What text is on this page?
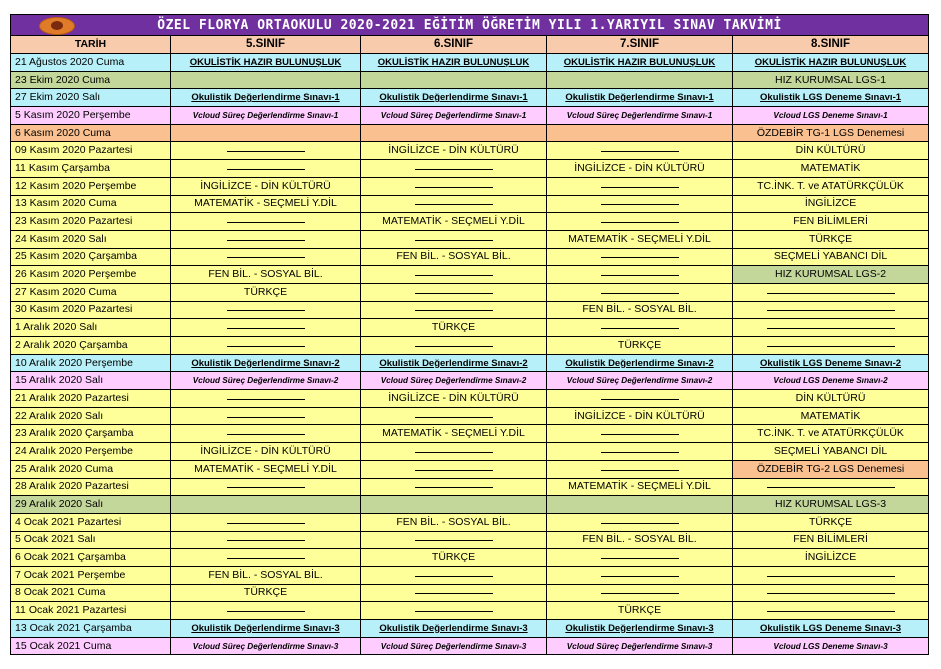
ÖZEL FLORYA ORTAOKULU 2020-2021 EĞİTİM ÖĞRETİM YILI 1.YARIYIL SINAV TAKVİMİ				
TARİH	5.SINIF	6.SINIF	7.SINIF	8.SINIF
21 Ağustos 2020 Cuma	OKULİSTİK HAZIR BULUNUŞLUK	OKULİSTİK HAZIR BULUNUŞLUK	OKULİSTİK HAZIR BULUNUŞLUK	OKULİSTİK HAZIR BULUNUŞLUK
23 Ekim 2020 Cuma				HIZ KURUMSAL LGS-1
27 Ekim 2020 Salı	Okulistik Değerlendirme Sınavı-1	Okulistik Değerlendirme Sınavı-1	Okulistik Değerlendirme Sınavı-1	Okulistik LGS Deneme Sınavı-1
5 Kasım 2020 Perşembe	Vcloud Süreç Değerlendirme Sınavı-1	Vcloud Süreç Değerlendirme Sınavı-1	Vcloud Süreç Değerlendirme Sınavı-1	Vcloud LGS Deneme Sınavı-1
6 Kasım 2020 Cuma				ÖZDEBİR TG-1 LGS Denemesi
09 Kasım 2020 Pazartesi		İNGİLİZCE - DİN KÜLTÜRÜ		DİN KÜLTÜRÜ
11 Kasım Çarşamba			İNGİLİZCE - DİN KÜLTÜRÜ	MATEMATİK
12 Kasım 2020 Perşembe	İNGİLİZCE - DİN KÜLTÜRÜ			TC.İNK. T. ve ATATÜRKÇÜLÜK
13 Kasım 2020 Cuma	MATEMATİK - SEÇMELİ Y.DİL			İNGİLİZCE
23 Kasım 2020 Pazartesi		MATEMATİK - SEÇMELİ Y.DİL		FEN BİLİMLERİ
24 Kasım 2020 Salı			MATEMATİK - SEÇMELİ Y.DİL	TÜRKÇE
25 Kasım 2020 Çarşamba		FEN BİL. - SOSYAL BİL.		SEÇMELİ YABANCI DİL
26 Kasım 2020 Perşembe	FEN BİL. - SOSYAL BİL.			HIZ KURUMSAL LGS-2
27 Kasım 2020 Cuma	TÜRKÇE			
30 Kasım 2020 Pazartesi			FEN BİL. - SOSYAL BİL.	
1 Aralık 2020 Salı		TÜRKÇE		
2 Aralık 2020 Çarşamba			TÜRKÇE	
10 Aralık 2020 Perşembe	Okulistik Değerlendirme Sınavı-2	Okulistik Değerlendirme Sınavı-2	Okulistik Değerlendirme Sınavı-2	Okulistik LGS Deneme Sınavı-2
15 Aralık 2020 Salı	Vcloud Süreç Değerlendirme Sınavı-2	Vcloud Süreç Değerlendirme Sınavı-2	Vcloud Süreç Değerlendirme Sınavı-2	Vcloud LGS Deneme Sınavı-2
21 Aralık 2020 Pazartesi		İNGİLİZCE - DİN KÜLTÜRÜ		DİN KÜLTÜRÜ
22 Aralık 2020 Salı			İNGİLİZCE - DİN KÜLTÜRÜ	MATEMATİK
23 Aralık 2020 Çarşamba		MATEMATİK - SEÇMELİ Y.DİL		TC.İNK. T. ve ATATÜRKÇÜLÜK
24 Aralık 2020 Perşembe	İNGİLİZCE - DİN KÜLTÜRÜ			SEÇMELİ YABANCI DİL
25 Aralık 2020 Cuma	MATEMATİK - SEÇMELİ Y.DİL			ÖZDEBİR TG-2 LGS Denemesi
28 Aralık 2020 Pazartesi			MATEMATİK - SEÇMELİ Y.DİL	
29 Aralık 2020 Salı				HIZ KURUMSAL LGS-3
4 Ocak 2021 Pazartesi		FEN BİL. - SOSYAL BİL.		TÜRKÇE
5 Ocak 2021 Salı			FEN BİL. - SOSYAL BİL.	FEN BİLİMLERİ
6 Ocak 2021 Çarşamba		TÜRKÇE		İNGİLİZCE
7 Ocak 2021 Perşembe	FEN BİL. - SOSYAL BİL.			
8 Ocak 2021 Cuma	TÜRKÇE			
11 Ocak 2021 Pazartesi			TÜRKÇE	
13 Ocak 2021 Çarşamba	Okulistik Değerlendirme Sınavı-3	Okulistik Değerlendirme Sınavı-3	Okulistik Değerlendirme Sınavı-3	Okulistik LGS Deneme Sınavı-3
15 Ocak 2021 Cuma	Vcloud Süreç Değerlendirme Sınavı-3	Vcloud Süreç Değerlendirme Sınavı-3	Vcloud Süreç Değerlendirme Sınavı-3	Vcloud LGS Deneme Sınavı-3
